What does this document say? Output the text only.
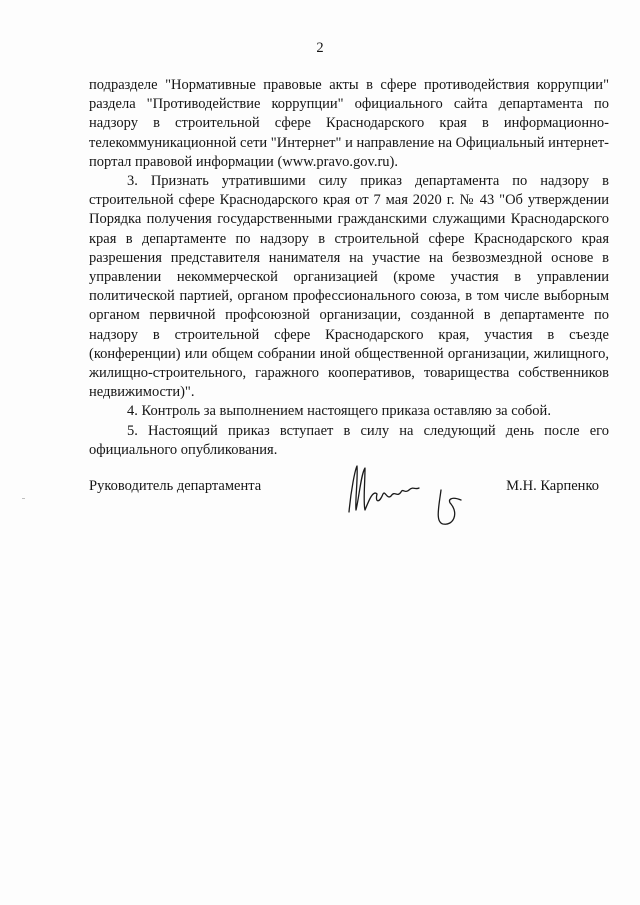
2

подразделе "Нормативные правовые акты в сфере противодействия коррупции" раздела "Противодействие коррупции" официального сайта департамента по надзору в строительной сфере Краснодарского края в информационно-телекоммуникационной сети "Интернет" и направление на Официальный интернет-портал правовой информации (www.pravo.gov.ru).

3. Признать утратившими силу приказ департамента по надзору в строительной сфере Краснодарского края от 7 мая 2020 г. № 43 "Об утверждении Порядка получения государственными гражданскими служащими Краснодарского края в департаменте по надзору в строительной сфере Краснодарского края разрешения представителя нанимателя на участие на безвозмездной основе в управлении некоммерческой организацией (кроме участия в управлении политической партией, органом профессионального союза, в том числе выборным органом первичной профсоюзной организации, созданной в департаменте по надзору в строительной сфере Краснодарского края, участия в съезде (конференции) или общем собрании иной общественной организации, жилищного, жилищно-строительного, гаражного кооперативов, товарищества собственников недвижимости)".

4. Контроль за выполнением настоящего приказа оставляю за собой.

5. Настоящий приказ вступает в силу на следующий день после его официального опубликования.

Руководитель департамента	М.Н. Карпенко
